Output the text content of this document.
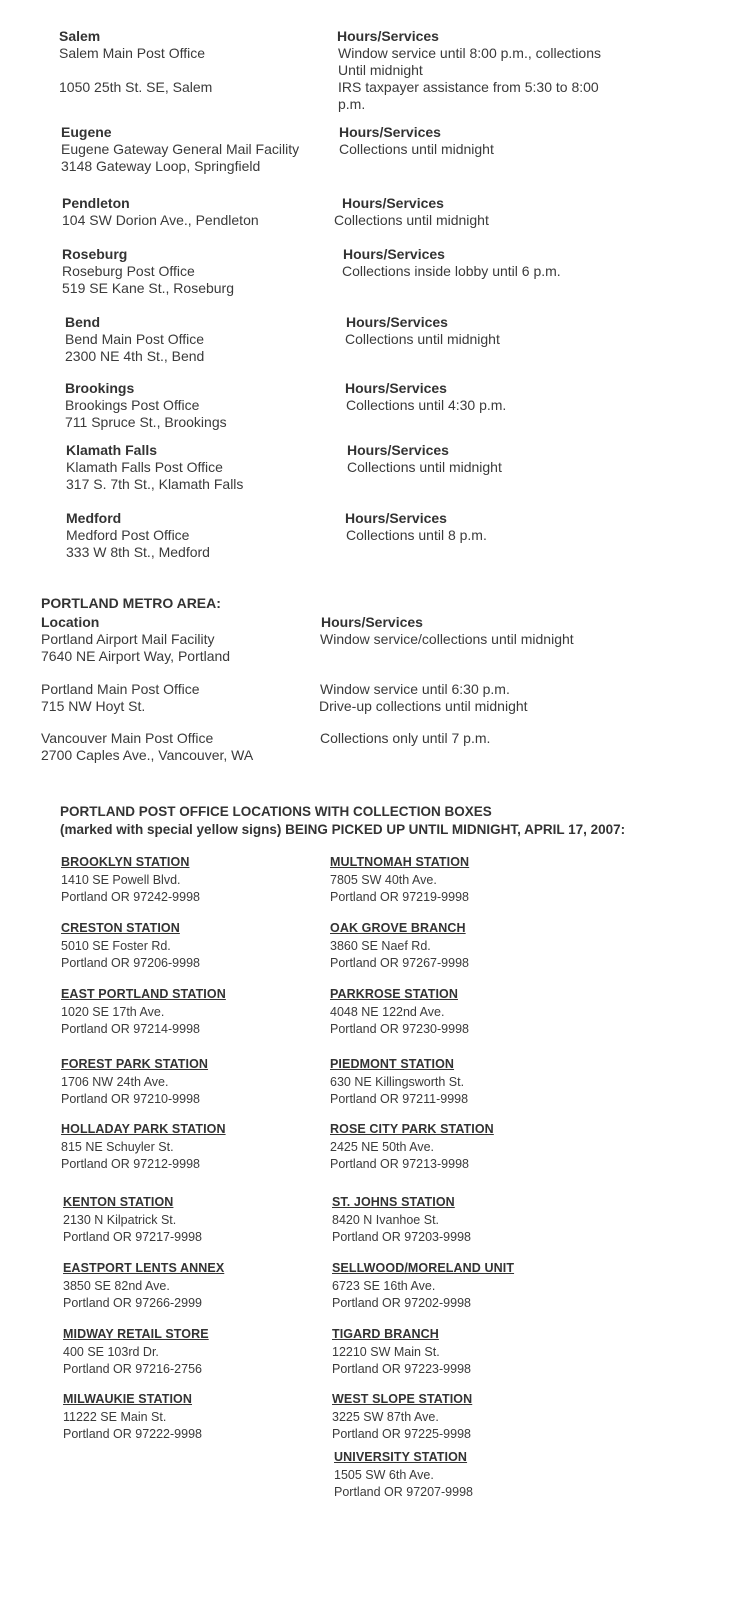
Salem
Salem Main Post Office
1050 25th St. SE, Salem
Hours/Services
Window service until 8:00 p.m., collections
Until midnight
IRS taxpayer assistance from 5:30 to 8:00
p.m.
Eugene
Eugene Gateway General Mail Facility
3148 Gateway Loop, Springfield
Hours/Services
Collections until midnight
Pendleton
104 SW Dorion Ave., Pendleton
Hours/Services
Collections until midnight
Roseburg
Roseburg Post Office
519 SE Kane St., Roseburg
Hours/Services
Collections inside lobby until 6 p.m.
Bend
Bend Main Post Office
2300 NE 4th St., Bend
Hours/Services
Collections until midnight
Brookings
Brookings Post Office
711 Spruce St., Brookings
Hours/Services
Collections until 4:30 p.m.
Klamath Falls
Klamath Falls Post Office
317 S. 7th St., Klamath Falls
Hours/Services
Collections until midnight
Medford
Medford Post Office
333 W 8th St., Medford
Hours/Services
Collections until 8 p.m.
PORTLAND METRO AREA:
Location	Hours/Services
Portland Airport Mail Facility
7640 NE Airport Way, Portland
Window service/collections until midnight
Portland Main Post Office
715 NW Hoyt St.
Window service until 6:30 p.m.
Drive-up collections until midnight
Vancouver Main Post Office
2700 Caples Ave., Vancouver, WA
Collections only until 7 p.m.
PORTLAND POST OFFICE LOCATIONS WITH COLLECTION BOXES
(marked with special yellow signs) BEING PICKED UP UNTIL MIDNIGHT, APRIL 17, 2007:
BROOKLYN STATION
1410 SE Powell Blvd.
Portland OR 97242-9998
CRESTON STATION
5010 SE Foster Rd.
Portland OR 97206-9998
EAST PORTLAND STATION
1020 SE 17th Ave.
Portland OR 97214-9998
FOREST PARK STATION
1706 NW 24th Ave.
Portland OR 97210-9998
HOLLADAY PARK STATION
815 NE Schuyler St.
Portland OR 97212-9998
KENTON STATION
2130 N Kilpatrick St.
Portland OR 97217-9998
EASTPORT LENTS ANNEX
3850 SE 82nd Ave.
Portland OR 97266-2999
MIDWAY RETAIL STORE
400 SE 103rd Dr.
Portland OR 97216-2756
MILWAUKIE STATION
11222 SE Main St.
Portland OR 97222-9998
MULTNOMAH STATION
7805 SW 40th Ave.
Portland OR 97219-9998
OAK GROVE BRANCH
3860 SE Naef Rd.
Portland OR 97267-9998
PARKROSE STATION
4048 NE 122nd Ave.
Portland OR 97230-9998
PIEDMONT STATION
630 NE Killingsworth St.
Portland OR 97211-9998
ROSE CITY PARK STATION
2425 NE 50th Ave.
Portland OR 97213-9998
ST. JOHNS STATION
8420 N Ivanhoe St.
Portland OR 97203-9998
SELLWOOD/MORELAND UNIT
6723 SE 16th Ave.
Portland OR 97202-9998
TIGARD BRANCH
12210 SW Main St.
Portland OR 97223-9998
WEST SLOPE STATION
3225 SW 87th Ave.
Portland OR 97225-9998
UNIVERSITY STATION
1505 SW 6th Ave.
Portland OR 97207-9998
